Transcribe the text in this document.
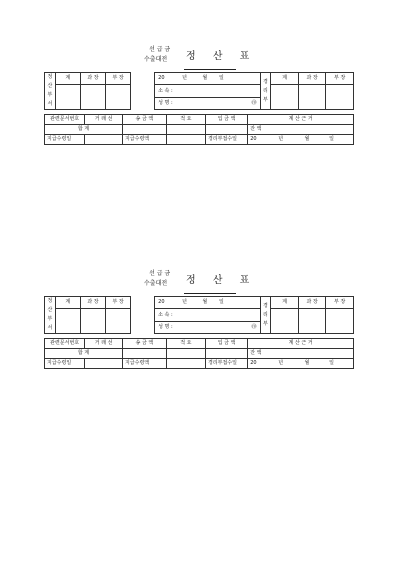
선 급 금
수출대전 정 산 표
정 산 부 서	계	과 장	부 장		20 년 월 일	경 리 부	계	과 장	부 장
					소 속 :				
					성 명 : ㊞				
관련문서번호	거 래 선	송 금 액	적 요	입 금 액	계 산 근 거
합 계					잔 액
지급수령일		지급수령액		경리부접수일	20 년 월 일
선 급 금
수출대전 정 산 표
정 산 부 서	계	과 장	부 장		20 년 월 일	경 리 부	계	과 장	부 장
					소 속 :				
					성 명 : ㊞				
관련문서번호	거 래 선	송 금 액	적 요	입 금 액	계 산 근 거
합 계					잔 액
지급수령일		지급수령액		경리부접수일	20 년 월 일
